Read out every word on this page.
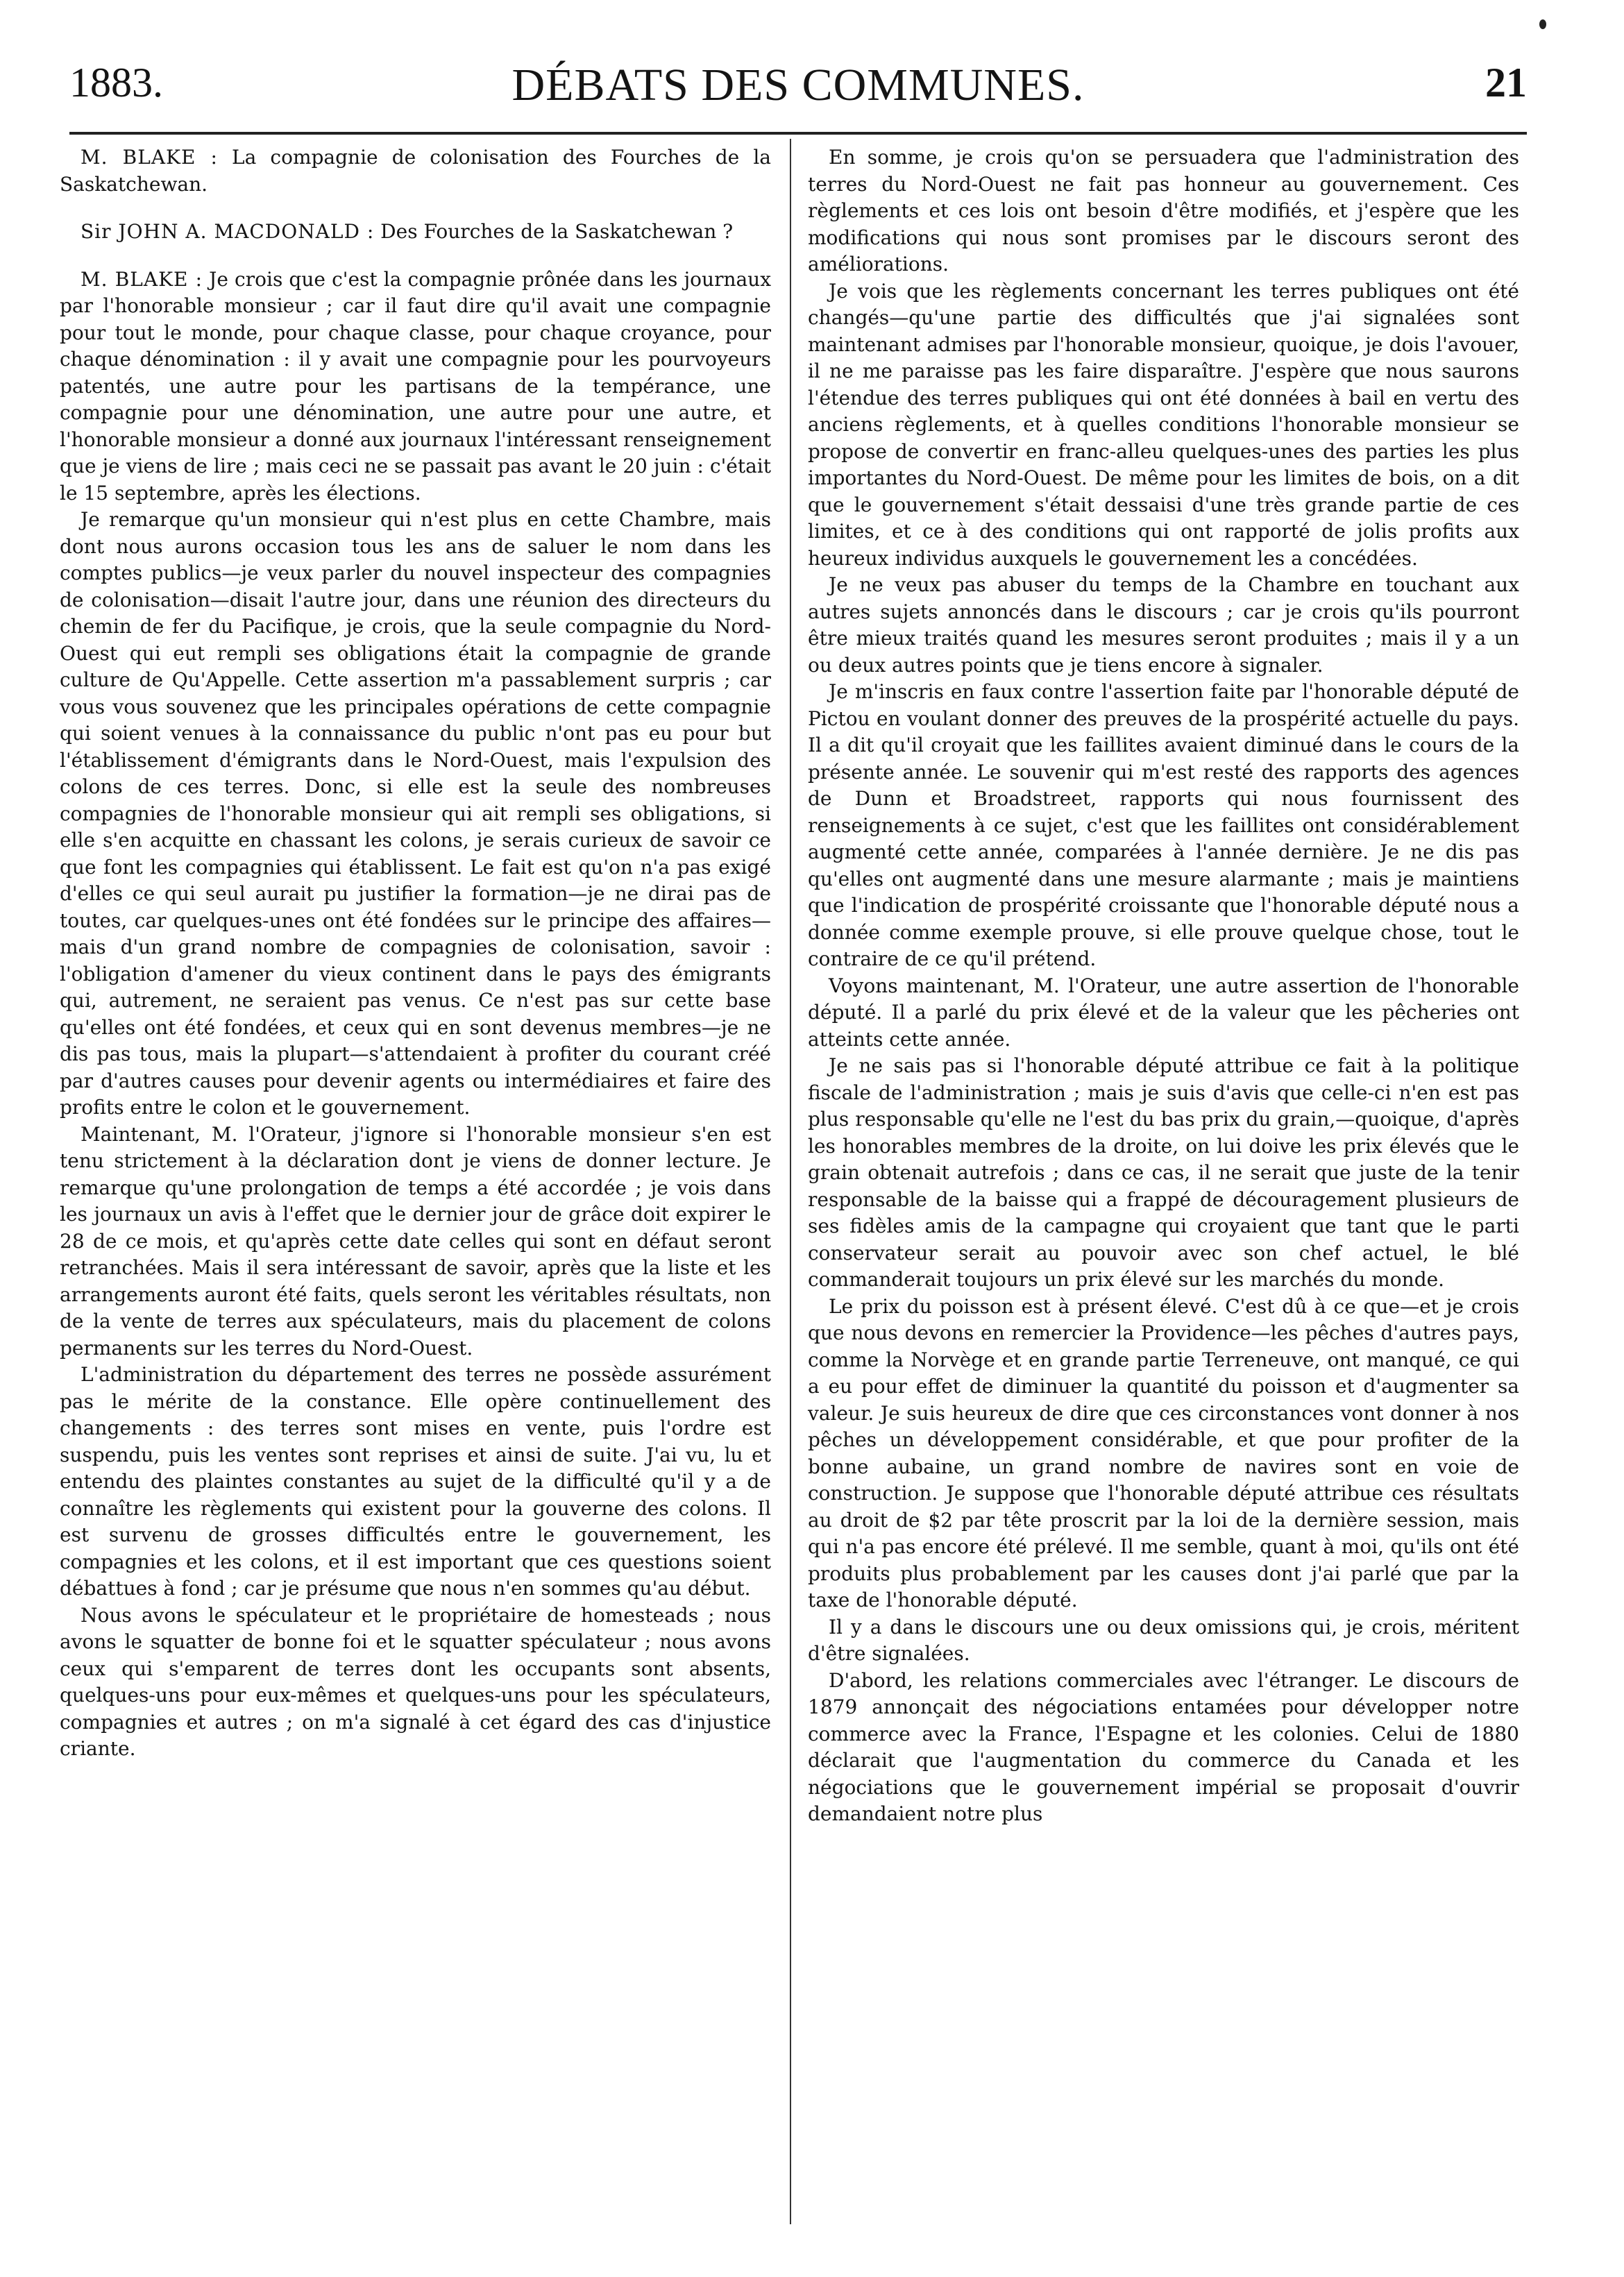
1883.	DÉBATS DES COMMUNES.	21

M. BLAKE : La compagnie de colonisation des Fourches de la Saskatchewan.

Sir JOHN A. MACDONALD : Des Fourches de la Saskatchewan ?

M. BLAKE : Je crois que c'est la compagnie prônée dans les journaux par l'honorable monsieur ; car il faut dire qu'il avait une compagnie pour tout le monde, pour chaque classe, pour chaque croyance, pour chaque dénomination : il y avait une compagnie pour les pourvoyeurs patentés, une autre pour les partisans de la tempérance, une compagnie pour une dénomination, une autre pour une autre, et l'honorable monsieur a donné aux journaux l'intéressant renseignement que je viens de lire ; mais ceci ne se passait pas avant le 20 juin : c'était le 15 septembre, après les élections.

Je remarque qu'un monsieur qui n'est plus en cette Chambre, mais dont nous aurons occasion tous les ans de saluer le nom dans les comptes publics—je veux parler du nouvel inspecteur des compagnies de colonisation—disait l'autre jour, dans une réunion des directeurs du chemin de fer du Pacifique, je crois, que la seule compagnie du Nord-Ouest qui eut rempli ses obligations était la compagnie de grande culture de Qu'Appelle. Cette assertion m'a passablement surpris ; car vous vous souvenez que les principales opérations de cette compagnie qui soient venues à la connaissance du public n'ont pas eu pour but l'établissement d'émigrants dans le Nord-Ouest, mais l'expulsion des colons de ces terres. Donc, si elle est la seule des nombreuses compagnies de l'honorable monsieur qui ait rempli ses obligations, si elle s'en acquitte en chassant les colons, je serais curieux de savoir ce que font les compagnies qui établissent. Le fait est qu'on n'a pas exigé d'elles ce qui seul aurait pu justifier la formation—je ne dirai pas de toutes, car quelques-unes ont été fondées sur le principe des affaires—mais d'un grand nombre de compagnies de colonisation, savoir : l'obligation d'amener du vieux continent dans le pays des émigrants qui, autrement, ne seraient pas venus. Ce n'est pas sur cette base qu'elles ont été fondées, et ceux qui en sont devenus membres—je ne dis pas tous, mais la plupart—s'attendaient à profiter du courant créé par d'autres causes pour devenir agents ou intermédiaires et faire des profits entre le colon et le gouvernement.

Maintenant, M. l'Orateur, j'ignore si l'honorable monsieur s'en est tenu strictement à la déclaration dont je viens de donner lecture. Je remarque qu'une prolongation de temps a été accordée ; je vois dans les journaux un avis à l'effet que le dernier jour de grâce doit expirer le 28 de ce mois, et qu'après cette date celles qui sont en défaut seront retranchées. Mais il sera intéressant de savoir, après que la liste et les arrangements auront été faits, quels seront les véritables résultats, non de la vente de terres aux spéculateurs, mais du placement de colons permanents sur les terres du Nord-Ouest.

L'administration du département des terres ne possède assurément pas le mérite de la constance. Elle opère continuellement des changements : des terres sont mises en vente, puis l'ordre est suspendu, puis les ventes sont reprises et ainsi de suite. J'ai vu, lu et entendu des plaintes constantes au sujet de la difficulté qu'il y a de connaître les règlements qui existent pour la gouverne des colons. Il est survenu de grosses difficultés entre le gouvernement, les compagnies et les colons, et il est important que ces questions soient débattues à fond ; car je présume que nous n'en sommes qu'au début.

Nous avons le spéculateur et le propriétaire de homesteads ; nous avons le squatter de bonne foi et le squatter spéculateur ; nous avons ceux qui s'emparent de terres dont les occupants sont absents, quelques-uns pour eux-mêmes et quelques-uns pour les spéculateurs, compagnies et autres ; on m'a signalé à cet égard des cas d'injustice criante.

En somme, je crois qu'on se persuadera que l'administration des terres du Nord-Ouest ne fait pas honneur au gouvernement. Ces règlements et ces lois ont besoin d'être modifiés, et j'espère que les modifications qui nous sont promises par le discours seront des améliorations.

Je vois que les règlements concernant les terres publiques ont été changés—qu'une partie des difficultés que j'ai signalées sont maintenant admises par l'honorable monsieur, quoique, je dois l'avouer, il ne me paraisse pas les faire disparaître. J'espère que nous saurons l'étendue des terres publiques qui ont été données à bail en vertu des anciens règlements, et à quelles conditions l'honorable monsieur se propose de convertir en franc-alleu quelques-unes des parties les plus importantes du Nord-Ouest. De même pour les limites de bois, on a dit que le gouvernement s'était dessaisi d'une très grande partie de ces limites, et ce à des conditions qui ont rapporté de jolis profits aux heureux individus auxquels le gouvernement les a concédées.

Je ne veux pas abuser du temps de la Chambre en touchant aux autres sujets annoncés dans le discours ; car je crois qu'ils pourront être mieux traités quand les mesures seront produites ; mais il y a un ou deux autres points que je tiens encore à signaler.

Je m'inscris en faux contre l'assertion faite par l'honorable député de Pictou en voulant donner des preuves de la prospérité actuelle du pays. Il a dit qu'il croyait que les faillites avaient diminué dans le cours de la présente année. Le souvenir qui m'est resté des rapports des agences de Dunn et Broadstreet, rapports qui nous fournissent des renseignements à ce sujet, c'est que les faillites ont considérablement augmenté cette année, comparées à l'année dernière. Je ne dis pas qu'elles ont augmenté dans une mesure alarmante ; mais je maintiens que l'indication de prospérité croissante que l'honorable député nous a donnée comme exemple prouve, si elle prouve quelque chose, tout le contraire de ce qu'il prétend.

Voyons maintenant, M. l'Orateur, une autre assertion de l'honorable député. Il a parlé du prix élevé et de la valeur que les pêcheries ont atteints cette année.

Je ne sais pas si l'honorable député attribue ce fait à la politique fiscale de l'administration ; mais je suis d'avis que celle-ci n'en est pas plus responsable qu'elle ne l'est du bas prix du grain,—quoique, d'après les honorables membres de la droite, on lui doive les prix élevés que le grain obtenait autrefois ; dans ce cas, il ne serait que juste de la tenir responsable de la baisse qui a frappé de découragement plusieurs de ses fidèles amis de la campagne qui croyaient que tant que le parti conservateur serait au pouvoir avec son chef actuel, le blé commanderait toujours un prix élevé sur les marchés du monde.

Le prix du poisson est à présent élevé. C'est dû à ce que—et je crois que nous devons en remercier la Providence—les pêches d'autres pays, comme la Norvège et en grande partie Terreneuve, ont manqué, ce qui a eu pour effet de diminuer la quantité du poisson et d'augmenter sa valeur. Je suis heureux de dire que ces circonstances vont donner à nos pêches un développement considérable, et que pour profiter de la bonne aubaine, un grand nombre de navires sont en voie de construction. Je suppose que l'honorable député attribue ces résultats au droit de $2 par tête proscrit par la loi de la dernière session, mais qui n'a pas encore été prélevé. Il me semble, quant à moi, qu'ils ont été produits plus probablement par les causes dont j'ai parlé que par la taxe de l'honorable député.

Il y a dans le discours une ou deux omissions qui, je crois, méritent d'être signalées.

D'abord, les relations commerciales avec l'étranger. Le discours de 1879 annonçait des négociations entamées pour développer notre commerce avec la France, l'Espagne et les colonies. Celui de 1880 déclarait que l'augmentation du commerce du Canada et les négociations que le gouvernement impérial se proposait d'ouvrir demandaient notre plus
